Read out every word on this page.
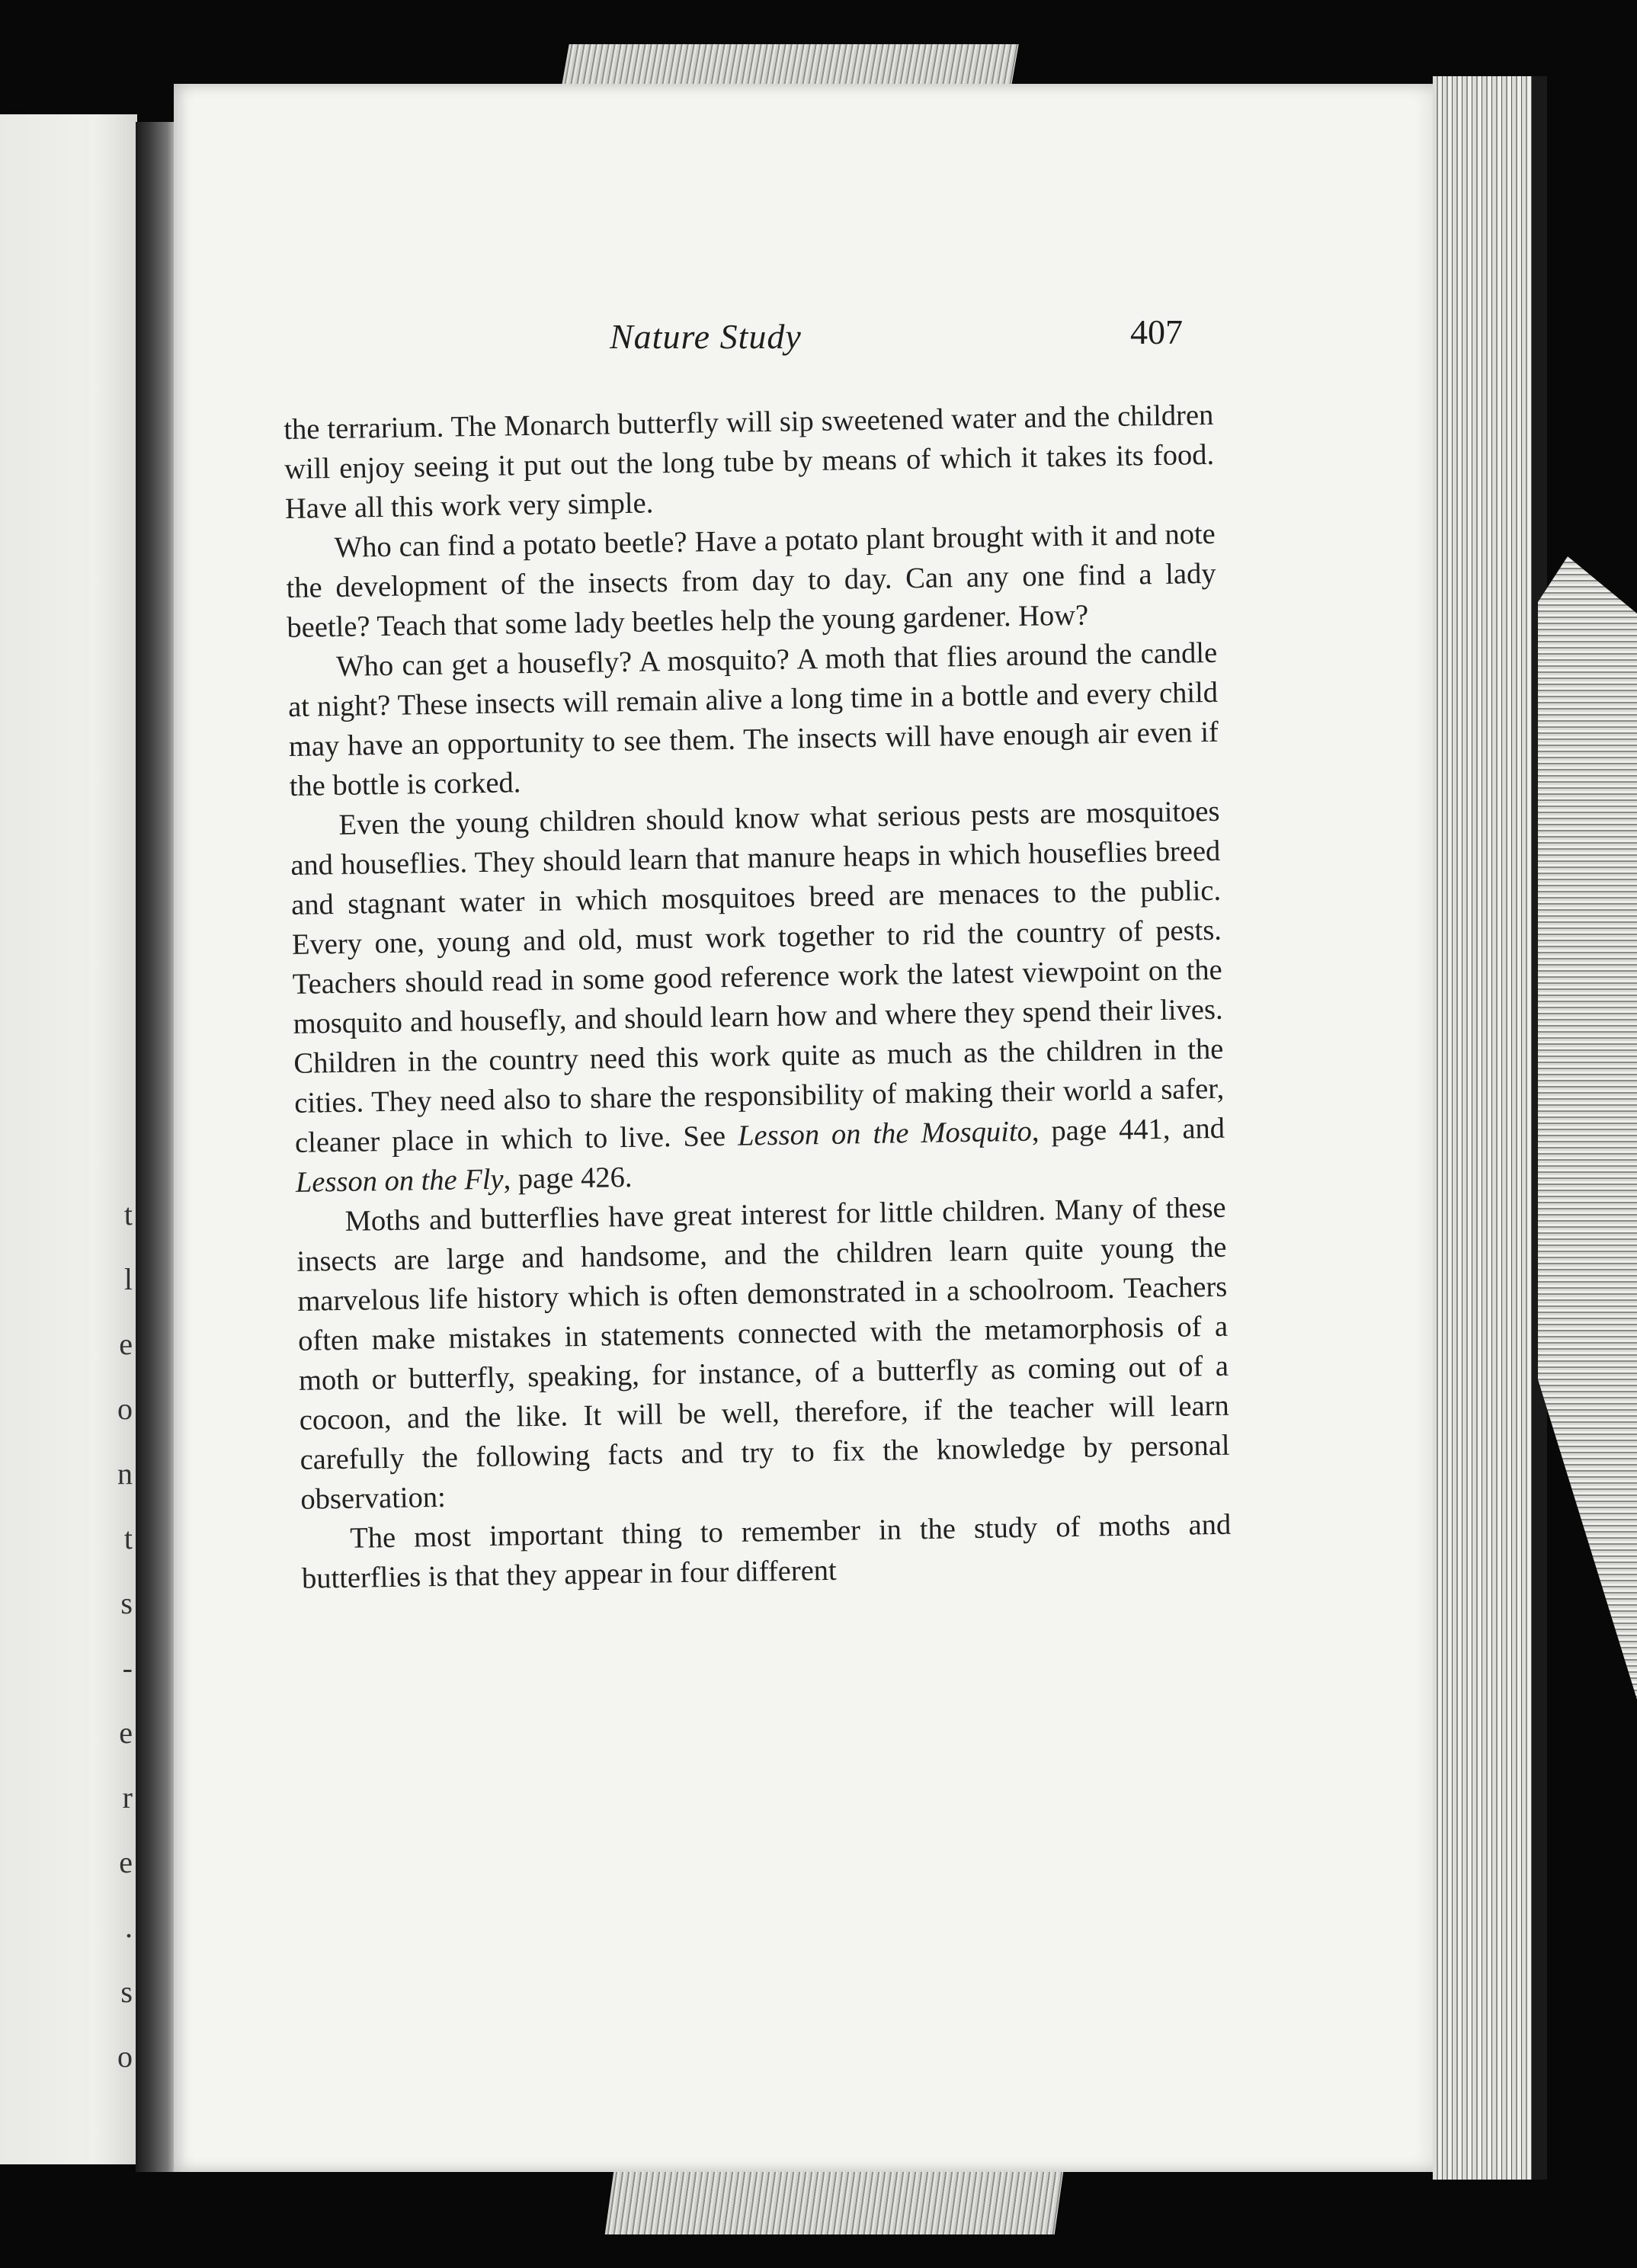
t
l
e
o
n
t
s
-
e
r
e
.
s
o
Nature Study	407

the terrarium. The Monarch butterfly will sip sweetened water and the children will enjoy seeing it put out the long tube by means of which it takes its food. Have all this work very simple.

Who can find a potato beetle? Have a potato plant brought with it and note the development of the insects from day to day. Can any one find a lady beetle? Teach that some lady beetles help the young gardener. How?

Who can get a housefly? A mosquito? A moth that flies around the candle at night? These insects will remain alive a long time in a bottle and every child may have an opportunity to see them. The insects will have enough air even if the bottle is corked.

Even the young children should know what serious pests are mosquitoes and houseflies. They should learn that manure heaps in which houseflies breed and stagnant water in which mosquitoes breed are menaces to the public. Every one, young and old, must work together to rid the country of pests. Teachers should read in some good reference work the latest viewpoint on the mosquito and housefly, and should learn how and where they spend their lives. Children in the country need this work quite as much as the children in the cities. They need also to share the responsibility of making their world a safer, cleaner place in which to live. See Lesson on the Mosquito, page 441, and Lesson on the Fly, page 426.

Moths and butterflies have great interest for little children. Many of these insects are large and handsome, and the children learn quite young the marvelous life history which is often demonstrated in a schoolroom. Teachers often make mistakes in statements connected with the metamorphosis of a moth or butterfly, speaking, for instance, of a butterfly as coming out of a cocoon, and the like. It will be well, therefore, if the teacher will learn carefully the following facts and try to fix the knowledge by personal observation:

The most important thing to remember in the study of moths and butterflies is that they appear in four different
